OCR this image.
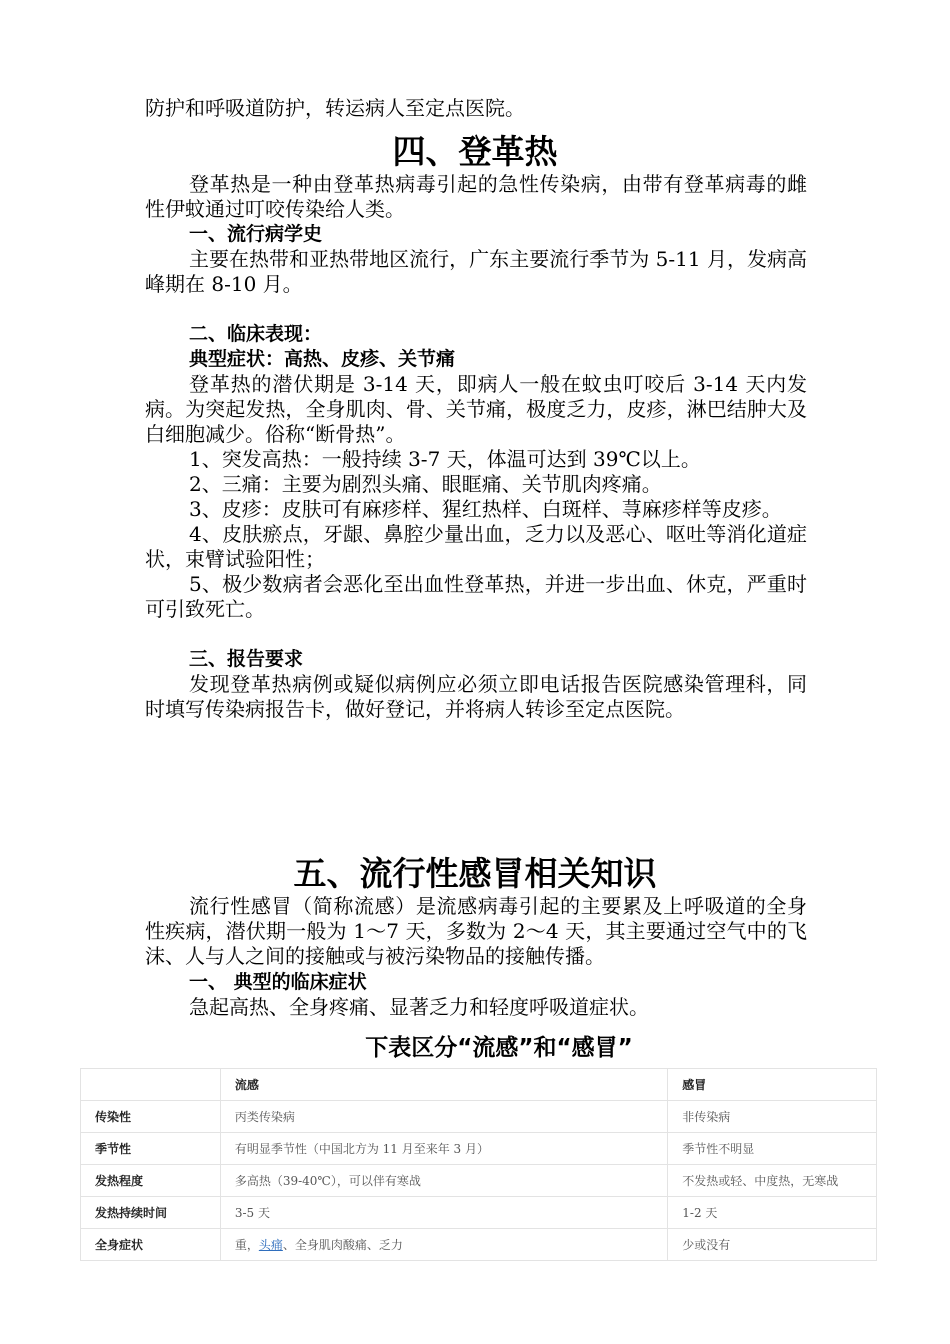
防护和呼吸道防护，转运病人至定点医院。
四、登革热
登革热是一种由登革热病毒引起的急性传染病，由带有登革病毒的雌性伊蚊通过叮咬传染给人类。
一、流行病学史
主要在热带和亚热带地区流行，广东主要流行季节为 5-11 月，发病高峰期在 8-10 月。
二、临床表现：
典型症状：高热、皮疹、关节痛
登革热的潜伏期是 3-14 天，即病人一般在蚊虫叮咬后 3-14 天内发病。为突起发热，全身肌肉、骨、关节痛，极度乏力，皮疹，淋巴结肿大及白细胞减少。俗称“断骨热”。
1、突发高热：一般持续 3-7 天，体温可达到 39℃以上。
2、三痛：主要为剧烈头痛、眼眶痛、关节肌肉疼痛。
3、皮疹：皮肤可有麻疹样、猩红热样、白斑样、荨麻疹样等皮疹。
4、皮肤瘀点，牙龈、鼻腔少量出血，乏力以及恶心、呕吐等消化道症状，束臂试验阳性；
5、极少数病者会恶化至出血性登革热，并进一步出血、休克，严重时可引致死亡。
三、报告要求
发现登革热病例或疑似病例应必须立即电话报告医院感染管理科，同时填写传染病报告卡，做好登记，并将病人转诊至定点医院。
五、流行性感冒相关知识
流行性感冒（简称流感）是流感病毒引起的主要累及上呼吸道的全身性疾病，潜伏期一般为 1～7 天，多数为 2～4 天，其主要通过空气中的飞沫、人与人之间的接触或与被污染物品的接触传播。
一、 典型的临床症状
急起高热、全身疼痛、显著乏力和轻度呼吸道症状。
下表区分“流感”和“感冒”
	流感	感冒
传染性	丙类传染病	非传染病
季节性	有明显季节性（中国北方为 11 月至来年 3 月）	季节性不明显
发热程度	多高热（39-40℃），可以伴有寒战	不发热或轻、中度热，无寒战
发热持续时间	3-5 天	1-2 天
全身症状	重，头痛、全身肌肉酸痛、乏力	少或没有
